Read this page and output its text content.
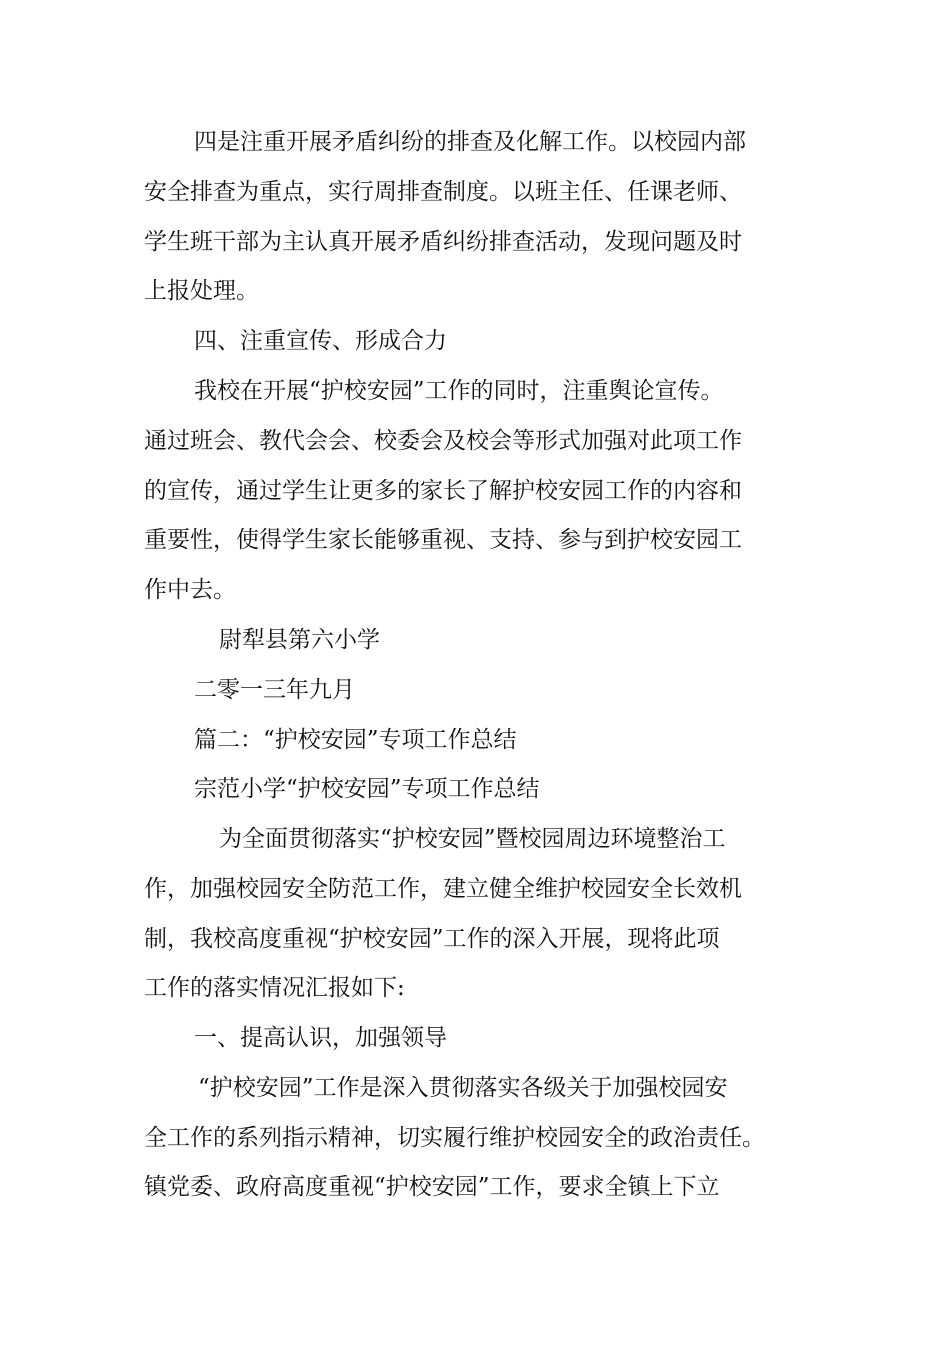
四是注重开展矛盾纠纷的排查及化解工作。以校园内部

安全排查为重点，实行周排查制度。以班主任、任课老师、

学生班干部为主认真开展矛盾纠纷排查活动，发现问题及时

上报处理。

四、注重宣传、形成合力

我校在开展“护校安园”工作的同时，注重舆论宣传。

通过班会、教代会会、校委会及校会等形式加强对此项工作

的宣传，通过学生让更多的家长了解护校安园工作的内容和

重要性，使得学生家长能够重视、支持、参与到护校安园工

作中去。

尉犁县第六小学

二零一三年九月

篇二：“护校安园”专项工作总结

宗范小学“护校安园”专项工作总结

为全面贯彻落实“护校安园”暨校园周边环境整治工

作，加强校园安全防范工作，建立健全维护校园安全长效机

制，我校高度重视“护校安园”工作的深入开展，现将此项

工作的落实情况汇报如下:

一、提高认识，加强领导

“护校安园”工作是深入贯彻落实各级关于加强校园安

全工作的系列指示精神，切实履行维护校园安全的政治责任。

镇党委、政府高度重视“护校安园”工作，要求全镇上下立
